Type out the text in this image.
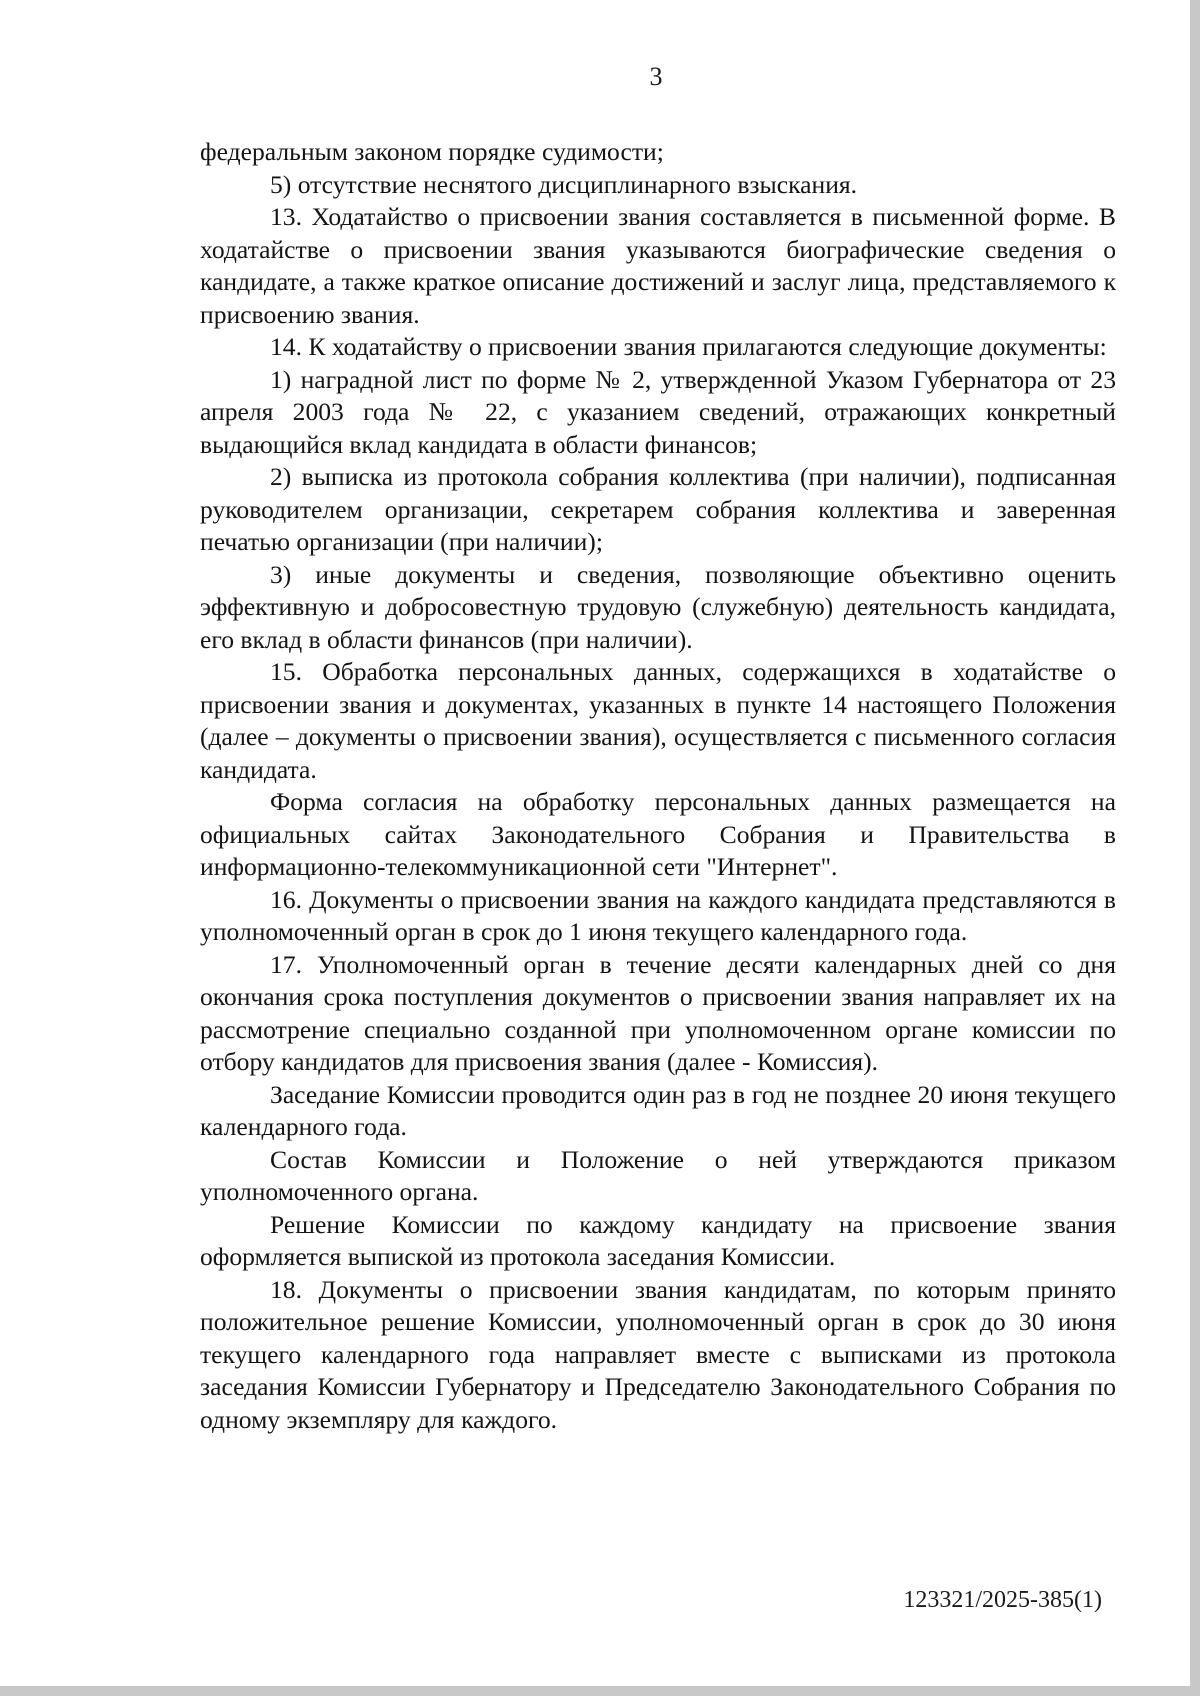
3

федеральным законом порядке судимости;

5) отсутствие неснятого дисциплинарного взыскания.

13. Ходатайство о присвоении звания составляется в письменной форме. В ходатайстве о присвоении звания указываются биографические сведения о кандидате, а также краткое описание достижений и заслуг лица, представляемого к присвоению звания.

14. К ходатайству о присвоении звания прилагаются следующие документы:

1) наградной лист по форме № 2, утвержденной Указом Губернатора от 23 апреля 2003 года № 22, с указанием сведений, отражающих конкретный выдающийся вклад кандидата в области финансов;

2) выписка из протокола собрания коллектива (при наличии), подписанная руководителем организации, секретарем собрания коллектива и заверенная печатью организации (при наличии);

3) иные документы и сведения, позволяющие объективно оценить эффективную и добросовестную трудовую (служебную) деятельность кандидата, его вклад в области финансов (при наличии).

15. Обработка персональных данных, содержащихся в ходатайстве о присвоении звания и документах, указанных в пункте 14 настоящего Положения (далее – документы о присвоении звания), осуществляется с письменного согласия кандидата.

Форма согласия на обработку персональных данных размещается на официальных сайтах Законодательного Собрания и Правительства в информационно-телекоммуникационной сети "Интернет".

16. Документы о присвоении звания на каждого кандидата представляются в уполномоченный орган в срок до 1 июня текущего календарного года.

17. Уполномоченный орган в течение десяти календарных дней со дня окончания срока поступления документов о присвоении звания направляет их на рассмотрение специально созданной при уполномоченном органе комиссии по отбору кандидатов для присвоения звания (далее - Комиссия).

Заседание Комиссии проводится один раз в год не позднее 20 июня текущего календарного года.

Состав Комиссии и Положение о ней утверждаются приказом уполномоченного органа.

Решение Комиссии по каждому кандидату на присвоение звания оформляется выпиской из протокола заседания Комиссии.

18. Документы о присвоении звания кандидатам, по которым принято положительное решение Комиссии, уполномоченный орган в срок до 30 июня текущего календарного года направляет вместе с выписками из протокола заседания Комиссии Губернатору и Председателю Законодательного Собрания по одному экземпляру для каждого.

123321/2025-385(1)
